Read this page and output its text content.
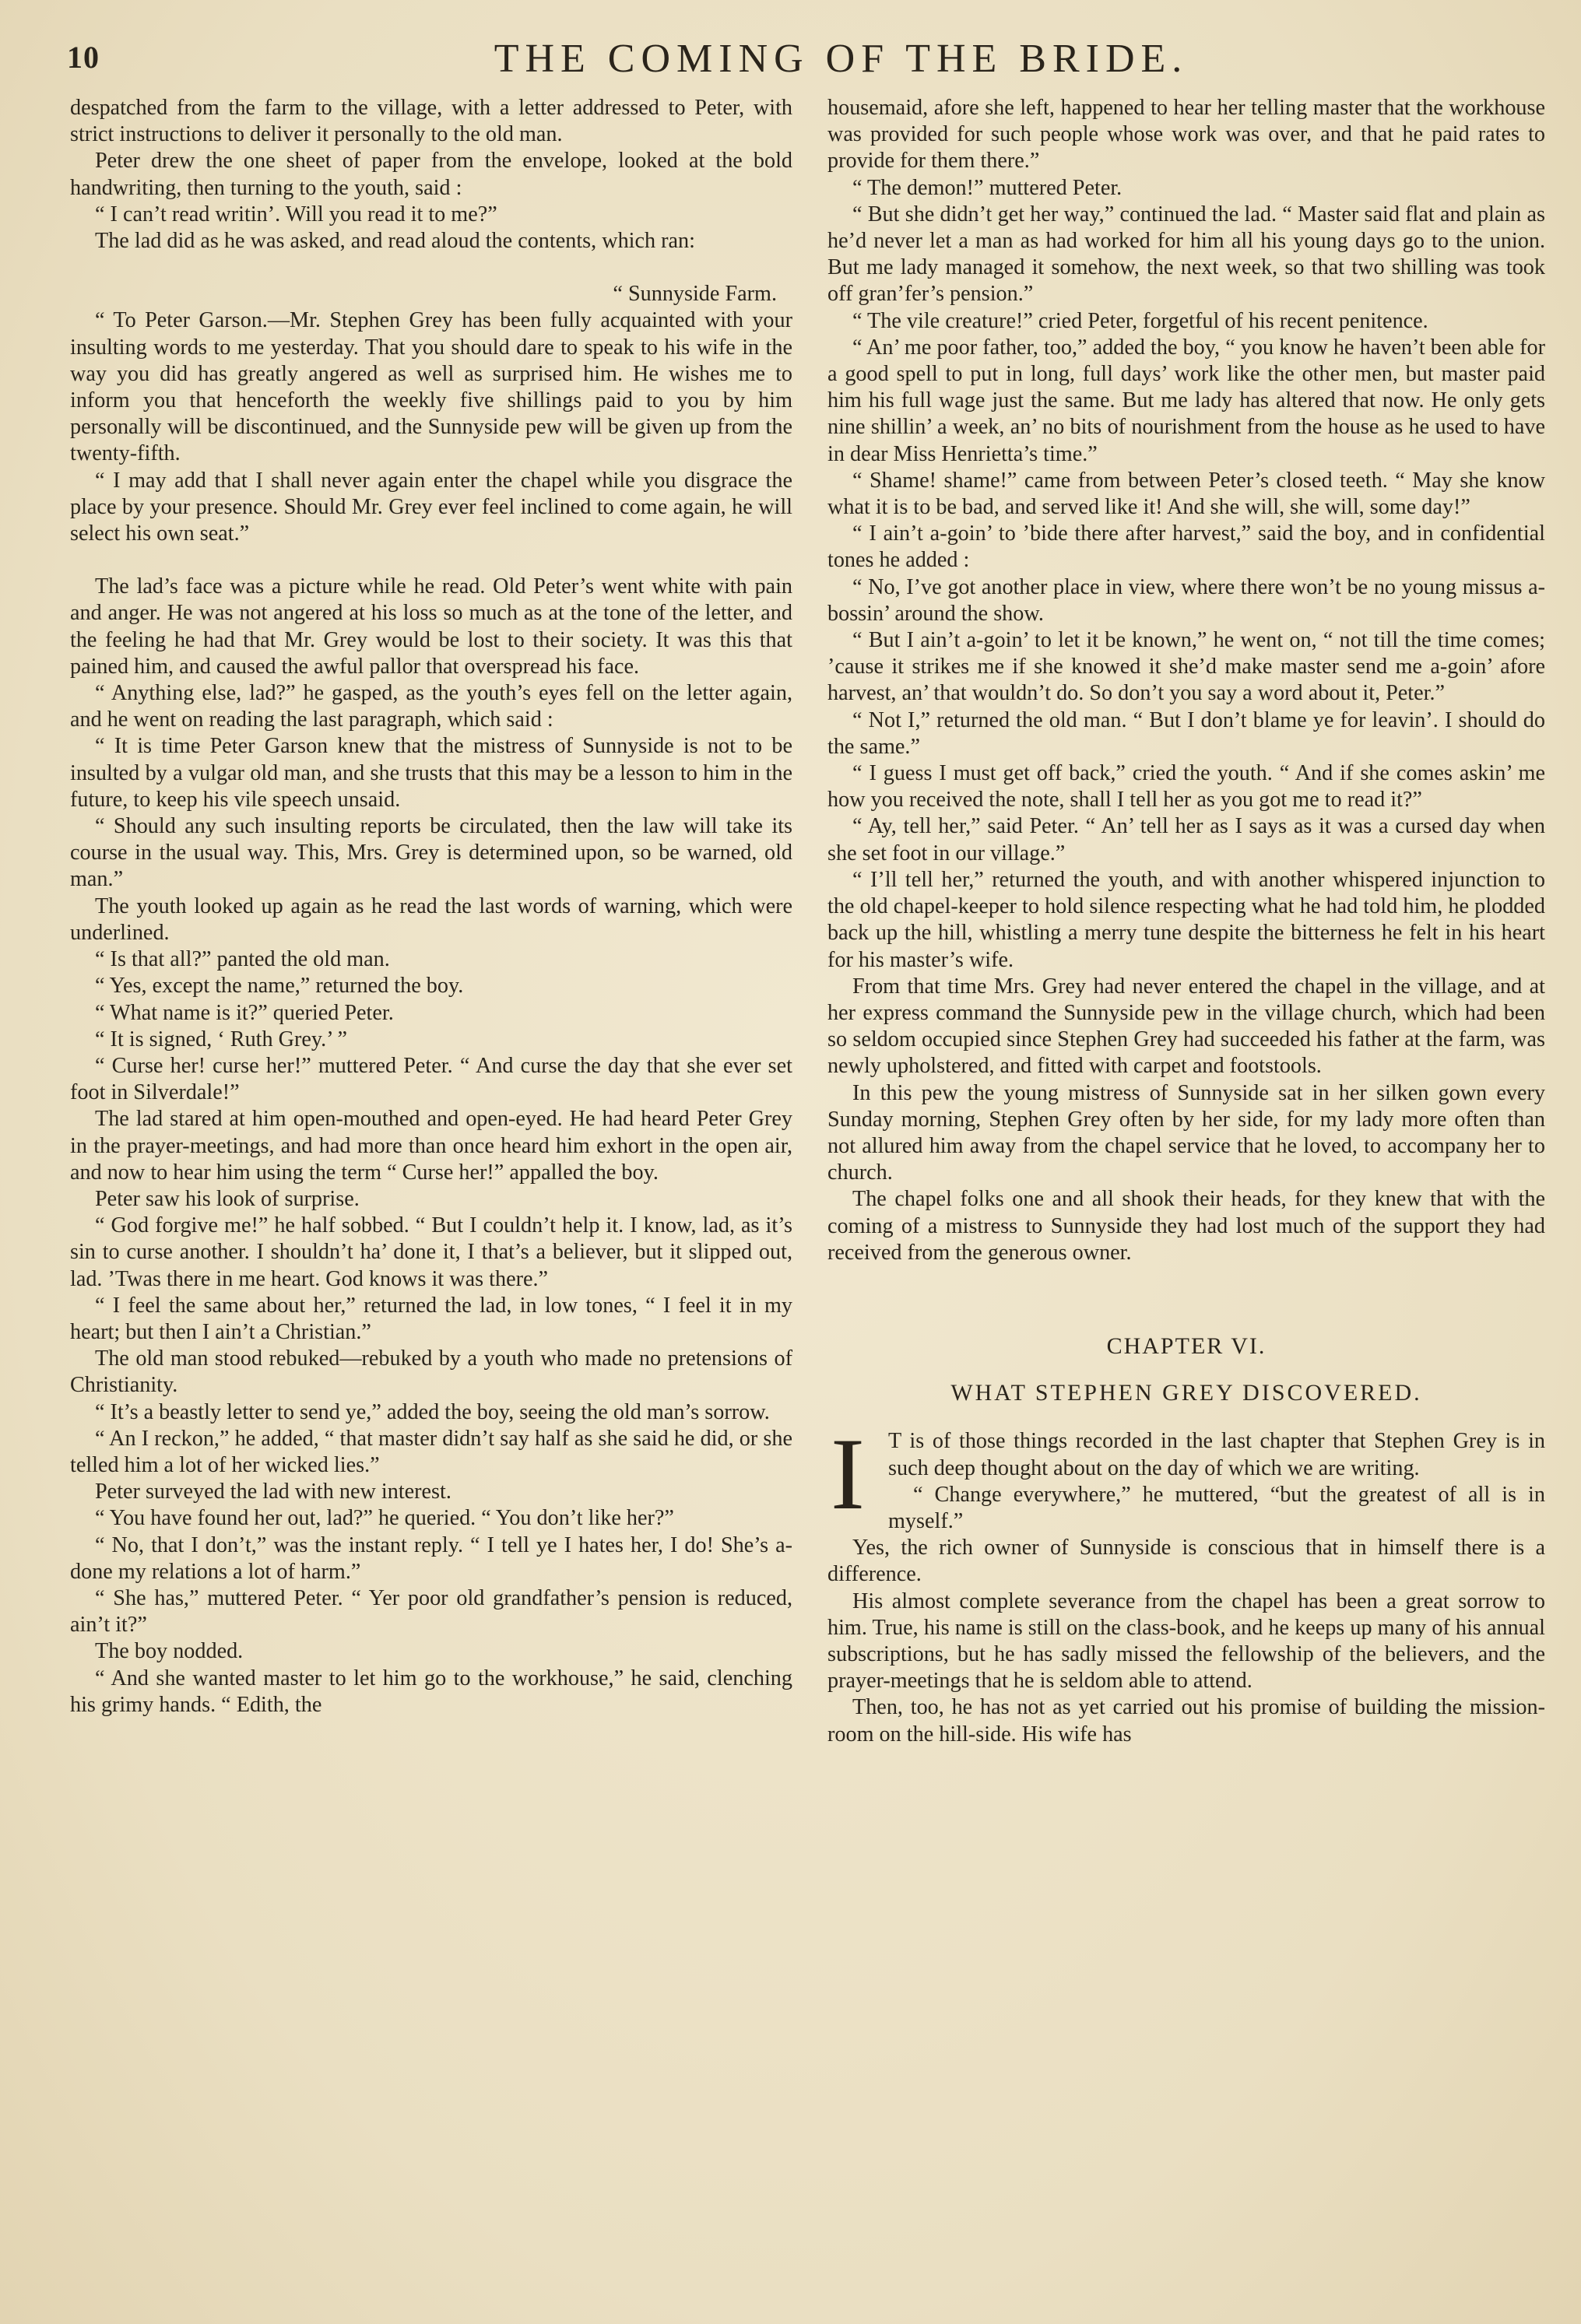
10	THE COMING OF THE BRIDE.

despatched from the farm to the village, with a letter addressed to Peter, with strict instructions to deliver it personally to the old man.

Peter drew the one sheet of paper from the envelope, looked at the bold handwriting, then turning to the youth, said :

“ I can’t read writin’. Will you read it to me?”

The lad did as he was asked, and read aloud the contents, which ran:

“ Sunnyside Farm.

“ To Peter Garson.—Mr. Stephen Grey has been fully acquainted with your insulting words to me yesterday. That you should dare to speak to his wife in the way you did has greatly angered as well as surprised him. He wishes me to inform you that henceforth the weekly five shillings paid to you by him personally will be discontinued, and the Sunnyside pew will be given up from the twenty-fifth.

“ I may add that I shall never again enter the chapel while you disgrace the place by your presence. Should Mr. Grey ever feel inclined to come again, he will select his own seat.”

The lad’s face was a picture while he read. Old Peter’s went white with pain and anger. He was not angered at his loss so much as at the tone of the letter, and the feeling he had that Mr. Grey would be lost to their society. It was this that pained him, and caused the awful pallor that overspread his face.

“ Anything else, lad?” he gasped, as the youth’s eyes fell on the letter again, and he went on reading the last paragraph, which said :

“ It is time Peter Garson knew that the mistress of Sunnyside is not to be insulted by a vulgar old man, and she trusts that this may be a lesson to him in the future, to keep his vile speech unsaid.

“ Should any such insulting reports be circulated, then the law will take its course in the usual way. This, Mrs. Grey is determined upon, so be warned, old man.”

The youth looked up again as he read the last words of warning, which were underlined.

“ Is that all?” panted the old man.

“ Yes, except the name,” returned the boy.

“ What name is it?” queried Peter.

“ It is signed, ‘ Ruth Grey.’ ”

“ Curse her! curse her!” muttered Peter. “ And curse the day that she ever set foot in Silverdale!”

The lad stared at him open-mouthed and open-eyed. He had heard Peter Grey in the prayer-meetings, and had more than once heard him exhort in the open air, and now to hear him using the term “ Curse her!” appalled the boy.

Peter saw his look of surprise.

“ God forgive me!” he half sobbed. “ But I couldn’t help it. I know, lad, as it’s sin to curse another. I shouldn’t ha’ done it, I that’s a believer, but it slipped out, lad. ’Twas there in me heart. God knows it was there.”

“ I feel the same about her,” returned the lad, in low tones, “ I feel it in my heart; but then I ain’t a Christian.”

The old man stood rebuked—rebuked by a youth who made no pretensions of Christianity.

“ It’s a beastly letter to send ye,” added the boy, seeing the old man’s sorrow.

“ An I reckon,” he added, “ that master didn’t say half as she said he did, or she telled him a lot of her wicked lies.”

Peter surveyed the lad with new interest.

“ You have found her out, lad?” he queried. “ You don’t like her?”

“ No, that I don’t,” was the instant reply. “ I tell ye I hates her, I do! She’s a-done my relations a lot of harm.”

“ She has,” muttered Peter. “ Yer poor old grandfather’s pension is reduced, ain’t it?”

The boy nodded.

“ And she wanted master to let him go to the workhouse,” he said, clenching his grimy hands. “ Edith, the

housemaid, afore she left, happened to hear her telling master that the workhouse was provided for such people whose work was over, and that he paid rates to provide for them there.”

“ The demon!” muttered Peter.

“ But she didn’t get her way,” continued the lad. “ Master said flat and plain as he’d never let a man as had worked for him all his young days go to the union. But me lady managed it somehow, the next week, so that two shilling was took off gran’fer’s pension.”

“ The vile creature!” cried Peter, forgetful of his recent penitence.

“ An’ me poor father, too,” added the boy, “ you know he haven’t been able for a good spell to put in long, full days’ work like the other men, but master paid him his full wage just the same. But me lady has altered that now. He only gets nine shillin’ a week, an’ no bits of nourishment from the house as he used to have in dear Miss Henrietta’s time.”

“ Shame! shame!” came from between Peter’s closed teeth. “ May she know what it is to be bad, and served like it! And she will, she will, some day!”

“ I ain’t a-goin’ to ’bide there after harvest,” said the boy, and in confidential tones he added :

“ No, I’ve got another place in view, where there won’t be no young missus a-bossin’ around the show.

“ But I ain’t a-goin’ to let it be known,” he went on, “ not till the time comes; ’cause it strikes me if she knowed it she’d make master send me a-goin’ afore harvest, an’ that wouldn’t do. So don’t you say a word about it, Peter.”

“ Not I,” returned the old man. “ But I don’t blame ye for leavin’. I should do the same.”

“ I guess I must get off back,” cried the youth. “ And if she comes askin’ me how you received the note, shall I tell her as you got me to read it?”

“ Ay, tell her,” said Peter. “ An’ tell her as I says as it was a cursed day when she set foot in our village.”

“ I’ll tell her,” returned the youth, and with another whispered injunction to the old chapel-keeper to hold silence respecting what he had told him, he plodded back up the hill, whistling a merry tune despite the bitterness he felt in his heart for his master’s wife.

From that time Mrs. Grey had never entered the chapel in the village, and at her express command the Sunnyside pew in the village church, which had been so seldom occupied since Stephen Grey had succeeded his father at the farm, was newly upholstered, and fitted with carpet and footstools.

In this pew the young mistress of Sunnyside sat in her silken gown every Sunday morning, Stephen Grey often by her side, for my lady more often than not allured him away from the chapel service that he loved, to accompany her to church.

The chapel folks one and all shook their heads, for they knew that with the coming of a mistress to Sunnyside they had lost much of the support they had received from the generous owner.

CHAPTER VI.
WHAT STEPHEN GREY DISCOVERED.

I	T is of those things recorded in the last chapter that Stephen Grey is in such deep thought about on the day of which we are writing.

“ Change everywhere,” he muttered, “but the greatest of all is in myself.”

Yes, the rich owner of Sunnyside is conscious that in himself there is a difference.

His almost complete severance from the chapel has been a great sorrow to him. True, his name is still on the class-book, and he keeps up many of his annual subscriptions, but he has sadly missed the fellowship of the believers, and the prayer-meetings that he is seldom able to attend.

Then, too, he has not as yet carried out his promise of building the mission-room on the hill-side. His wife has
